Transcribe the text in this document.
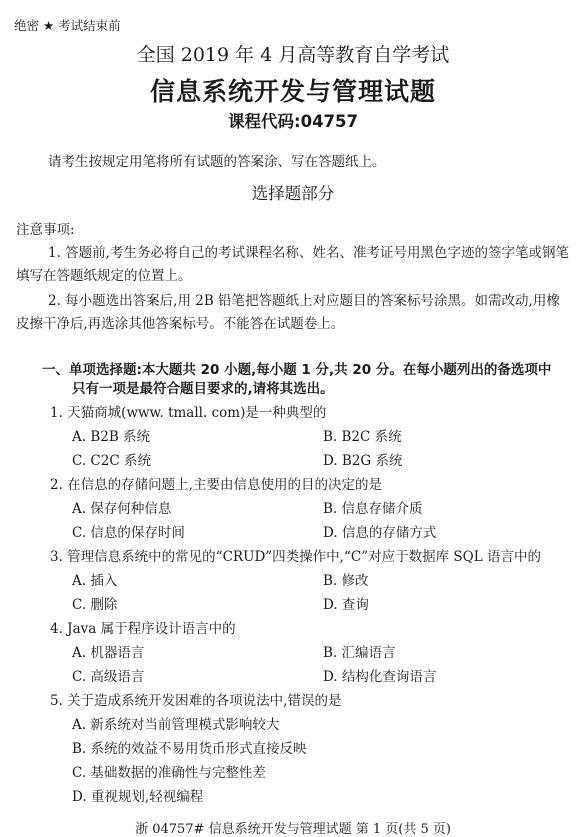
绝密 ★ 考试结束前
全国 2019 年 4 月高等教育自学考试
信息系统开发与管理试题
课程代码:04757
请考生按规定用笔将所有试题的答案涂、写在答题纸上。
选择题部分
注意事项:
1. 答题前,考生务必将自己的考试课程名称、姓名、准考证号用黑色字迹的签字笔或钢笔
填写在答题纸规定的位置上。
2. 每小题选出答案后,用 2B 铅笔把答题纸上对应题目的答案标号涂黑。如需改动,用橡
皮擦干净后,再选涂其他答案标号。不能答在试题卷上。
一、单项选择题:本大题共 20 小题,每小题 1 分,共 20 分。在每小题列出的备选项中
只有一项是最符合题目要求的,请将其选出。
1. 天猫商城(www. tmall. com)是一种典型的
A. B2B 系统	B. B2C 系统
C. C2C 系统	D. B2G 系统
2. 在信息的存储问题上,主要由信息使用的目的决定的是
A. 保存何种信息	B. 信息存储介质
C. 信息的保存时间	D. 信息的存储方式
3. 管理信息系统中的常见的“CRUD”四类操作中,“C”对应于数据库 SQL 语言中的
A. 插入	B. 修改
C. 删除	D. 查询
4. Java 属于程序设计语言中的
A. 机器语言	B. 汇编语言
C. 高级语言	D. 结构化查询语言
5. 关于造成系统开发困难的各项说法中,错误的是
A. 新系统对当前管理模式影响较大
B. 系统的效益不易用货币形式直接反映
C. 基础数据的准确性与完整性差
D. 重视规划,轻视编程
浙 04757# 信息系统开发与管理试题 第 1 页(共 5 页)
